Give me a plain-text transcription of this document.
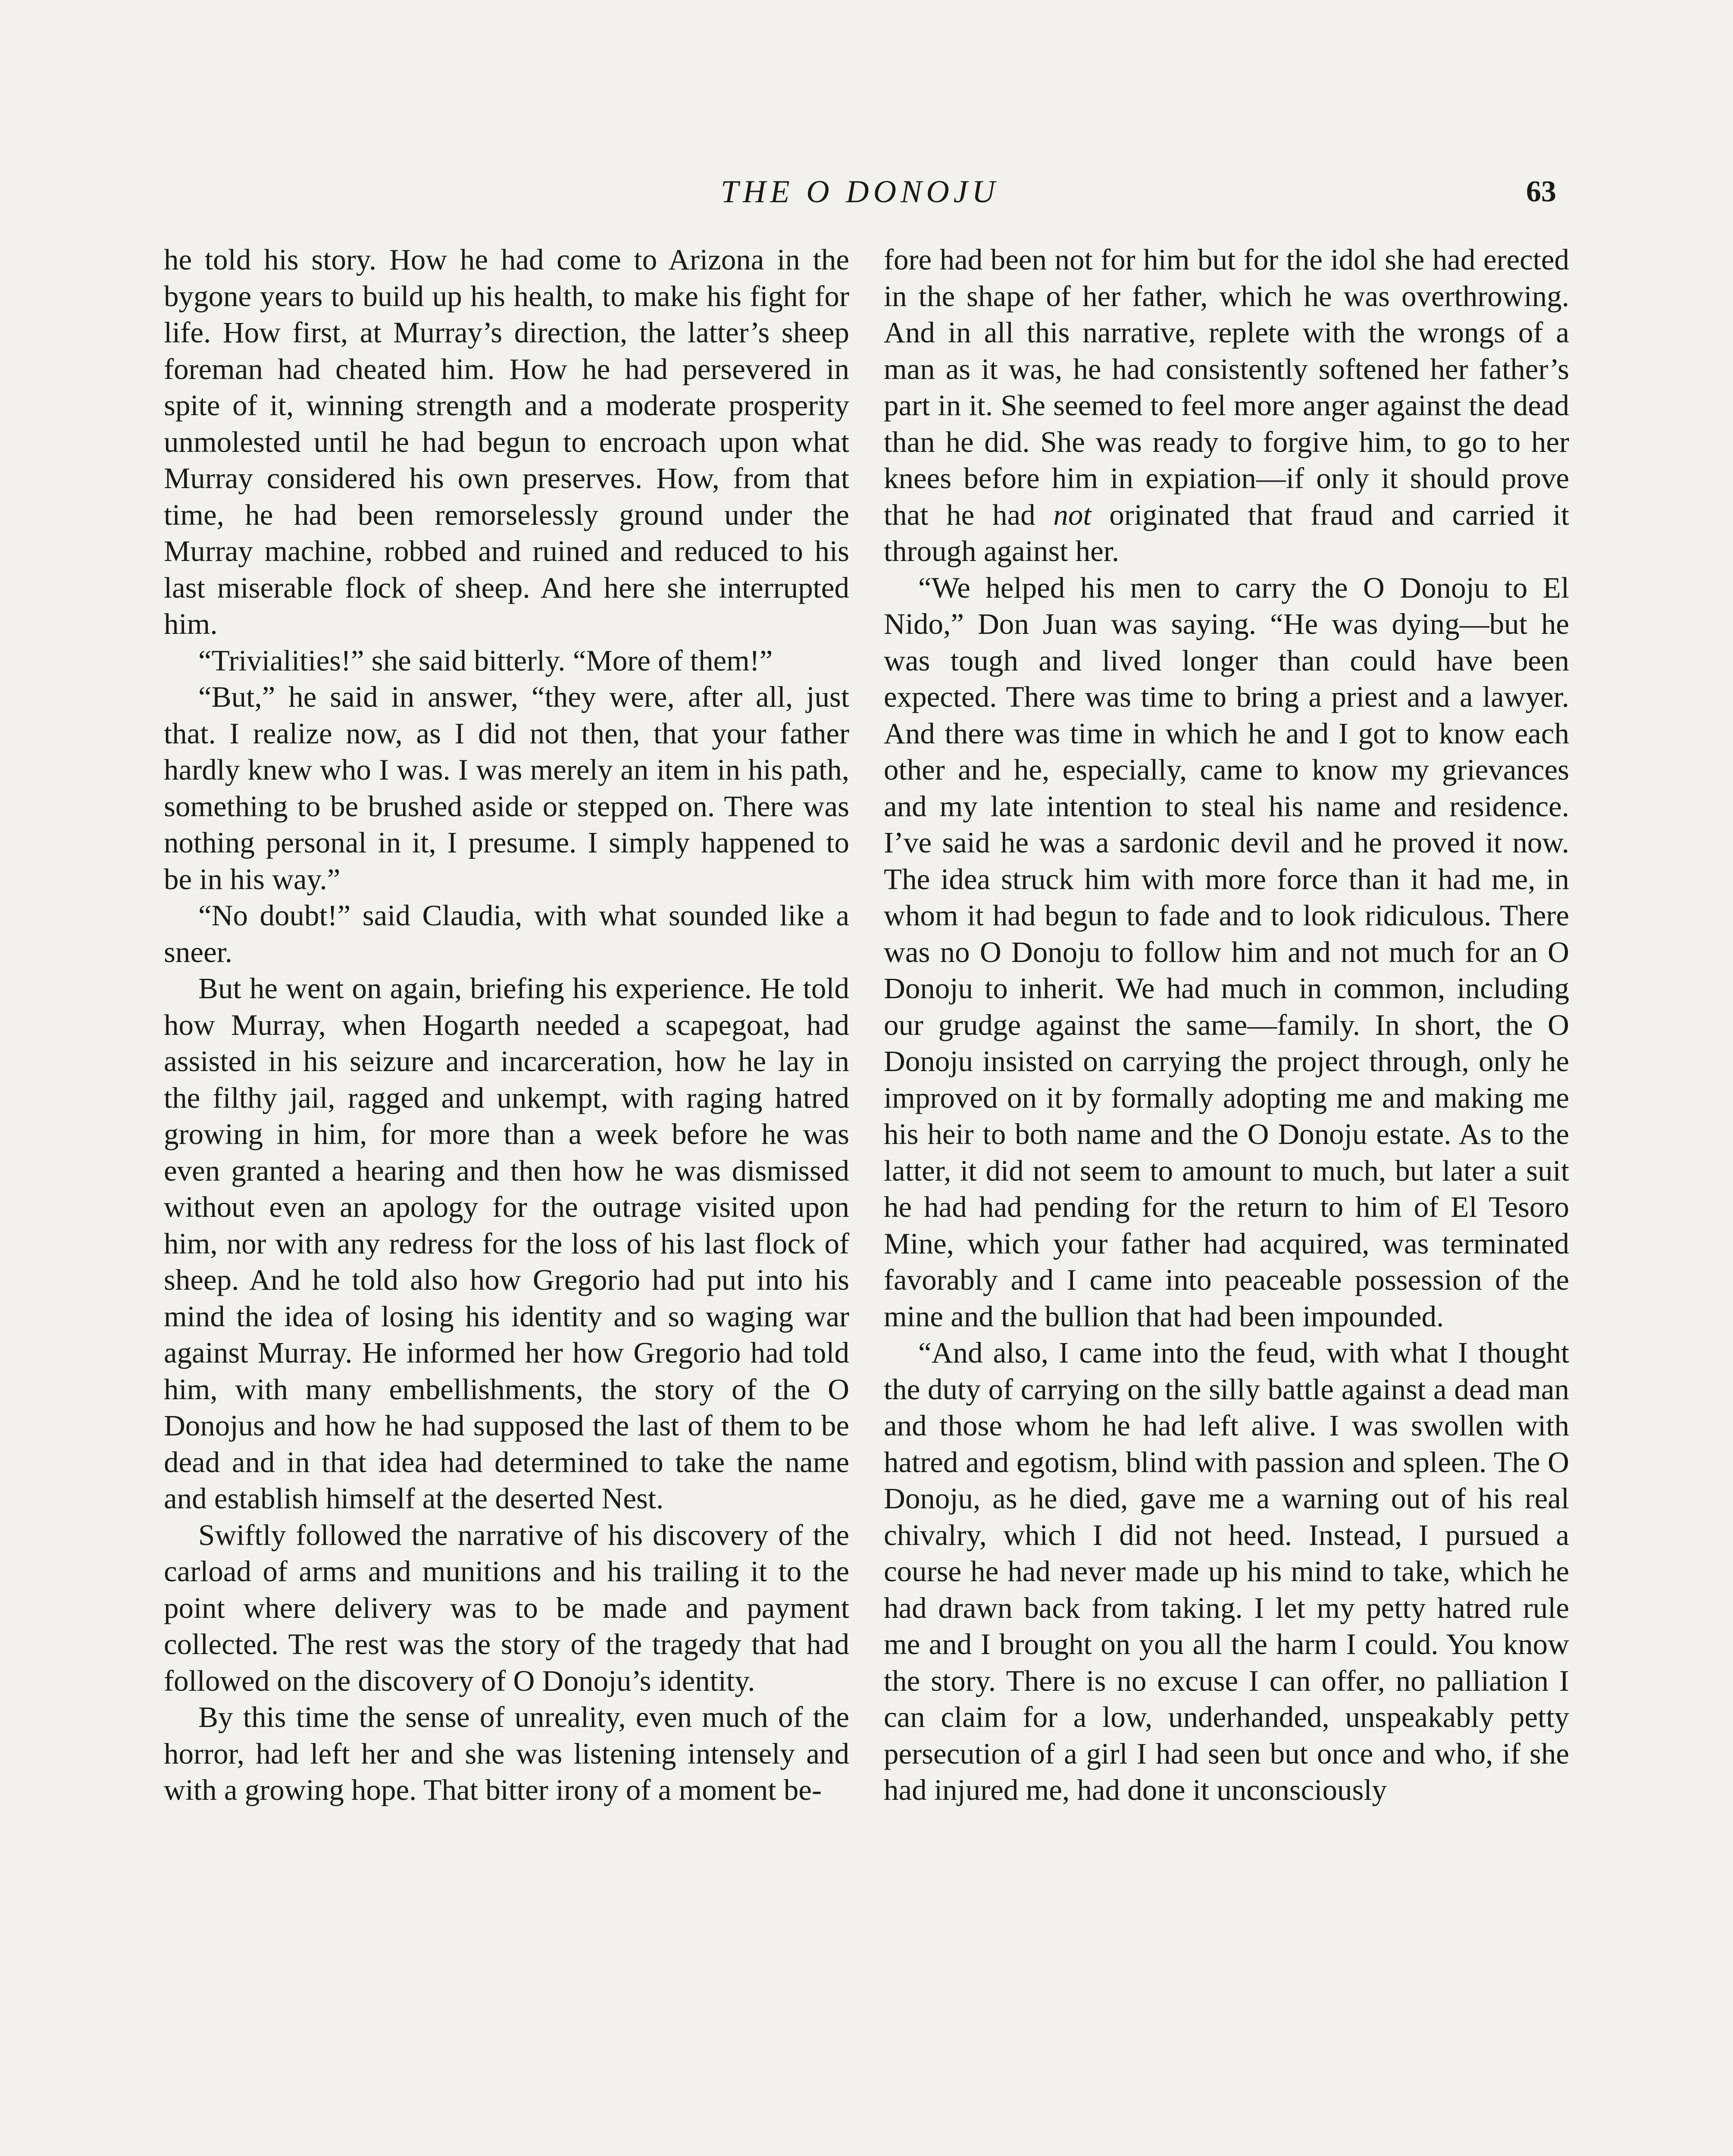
THE O DONOJU	63

he told his story. How he had come to Arizona in the bygone years to build up his health, to make his fight for life. How first, at Murray’s direction, the latter’s sheep foreman had cheated him. How he had persevered in spite of it, winning strength and a moderate prosperity unmolested until he had begun to encroach upon what Murray considered his own preserves. How, from that time, he had been remorselessly ground under the Murray machine, robbed and ruined and reduced to his last miserable flock of sheep. And here she interrupted him.

“Trivialities!” she said bitterly. “More of them!”

“But,” he said in answer, “they were, after all, just that. I realize now, as I did not then, that your father hardly knew who I was. I was merely an item in his path, something to be brushed aside or stepped on. There was nothing personal in it, I presume. I simply happened to be in his way.”

“No doubt!” said Claudia, with what sounded like a sneer.

But he went on again, briefing his experience. He told how Murray, when Hogarth needed a scapegoat, had assisted in his seizure and incarceration, how he lay in the filthy jail, ragged and unkempt, with raging hatred growing in him, for more than a week before he was even granted a hearing and then how he was dismissed without even an apology for the outrage visited upon him, nor with any redress for the loss of his last flock of sheep. And he told also how Gregorio had put into his mind the idea of losing his identity and so waging war against Murray. He informed her how Gregorio had told him, with many embellishments, the story of the O Donojus and how he had supposed the last of them to be dead and in that idea had determined to take the name and establish himself at the deserted Nest.

Swiftly followed the narrative of his discovery of the carload of arms and munitions and his trailing it to the point where delivery was to be made and payment collected. The rest was the story of the tragedy that had followed on the discovery of O Donoju’s identity.

By this time the sense of unreality, even much of the horror, had left her and she was listening intensely and with a growing hope. That bitter irony of a moment be-

fore had been not for him but for the idol she had erected in the shape of her father, which he was overthrowing. And in all this narrative, replete with the wrongs of a man as it was, he had consistently softened her father’s part in it. She seemed to feel more anger against the dead than he did. She was ready to forgive him, to go to her knees before him in expiation—if only it should prove that he had not originated that fraud and carried it through against her.

“We helped his men to carry the O Donoju to El Nido,” Don Juan was saying. “He was dying—but he was tough and lived longer than could have been expected. There was time to bring a priest and a lawyer. And there was time in which he and I got to know each other and he, especially, came to know my grievances and my late intention to steal his name and residence. I’ve said he was a sardonic devil and he proved it now. The idea struck him with more force than it had me, in whom it had begun to fade and to look ridiculous. There was no O Donoju to follow him and not much for an O Donoju to inherit. We had much in common, including our grudge against the same—family. In short, the O Donoju insisted on carrying the project through, only he improved on it by formally adopting me and making me his heir to both name and the O Donoju estate. As to the latter, it did not seem to amount to much, but later a suit he had had pending for the return to him of El Tesoro Mine, which your father had acquired, was terminated favorably and I came into peaceable possession of the mine and the bullion that had been impounded.

“And also, I came into the feud, with what I thought the duty of carrying on the silly battle against a dead man and those whom he had left alive. I was swollen with hatred and egotism, blind with passion and spleen. The O Donoju, as he died, gave me a warning out of his real chivalry, which I did not heed. Instead, I pursued a course he had never made up his mind to take, which he had drawn back from taking. I let my petty hatred rule me and I brought on you all the harm I could. You know the story. There is no excuse I can offer, no palliation I can claim for a low, underhanded, unspeakably petty persecution of a girl I had seen but once and who, if she had injured me, had done it unconsciously
